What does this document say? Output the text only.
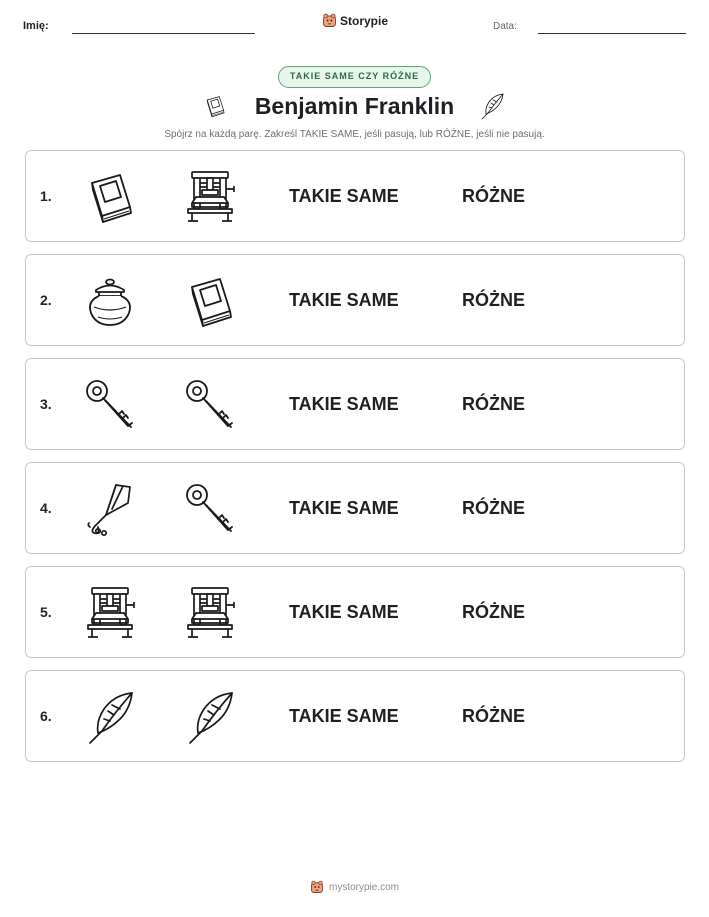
Imię:	Storypie	Data:
TAKIE SAME CZY RÓŻNE
Benjamin Franklin
Spójrz na każdą parę. Zakreśl TAKIE SAME, jeśli pasują, lub RÓŻNE, jeśli nie pasują.
1.	TAKIE SAME	RÓŻNE
2.	TAKIE SAME	RÓŻNE
3.	TAKIE SAME	RÓŻNE
4.	TAKIE SAME	RÓŻNE
5.	TAKIE SAME	RÓŻNE
6.	TAKIE SAME	RÓŻNE
mystorypie.com
